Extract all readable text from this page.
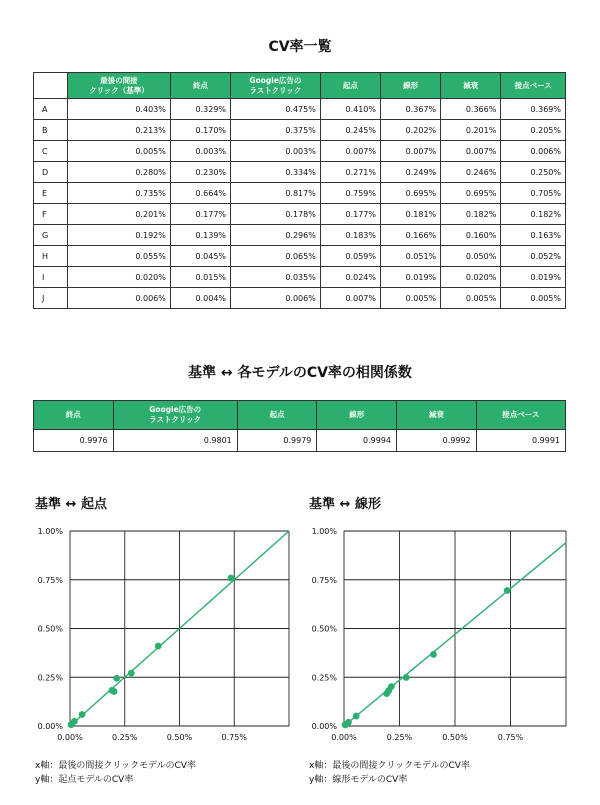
CV率一覧
	最後の間接
クリック（基準）	終点	Google広告の
ラストクリック	起点	線形	減衰	接点ベース
A	0.403%	0.329%	0.475%	0.410%	0.367%	0.366%	0.369%
B	0.213%	0.170%	0.375%	0.245%	0.202%	0.201%	0.205%
C	0.005%	0.003%	0.003%	0.007%	0.007%	0.007%	0.006%
D	0.280%	0.230%	0.334%	0.271%	0.249%	0.246%	0.250%
E	0.735%	0.664%	0.817%	0.759%	0.695%	0.695%	0.705%
F	0.201%	0.177%	0.178%	0.177%	0.181%	0.182%	0.182%
G	0.192%	0.139%	0.296%	0.183%	0.166%	0.160%	0.163%
H	0.055%	0.045%	0.065%	0.059%	0.051%	0.050%	0.052%
I	0.020%	0.015%	0.035%	0.024%	0.019%	0.020%	0.019%
J	0.006%	0.004%	0.006%	0.007%	0.005%	0.005%	0.005%
基準 ↔ 各モデルのCV率の相関係数
終点	Google広告の
ラストクリック	起点	線形	減衰	接点ベース
0.9976	0.9801	0.9979	0.9994	0.9992	0.9991
基準 ↔ 起点	基準 ↔ 線形
0.00%
0.25%
0.50%
0.75%
1.00%
0.00%	0.25%	0.50%	0.75%
0.00%
0.25%
0.50%
0.75%
1.00%
0.00%	0.25%	0.50%	0.75%
x軸：最後の間接クリックモデルのCV率
y軸：起点モデルのCV率
x軸：最後の間接クリックモデルのCV率
y軸：線形モデルのCV率
